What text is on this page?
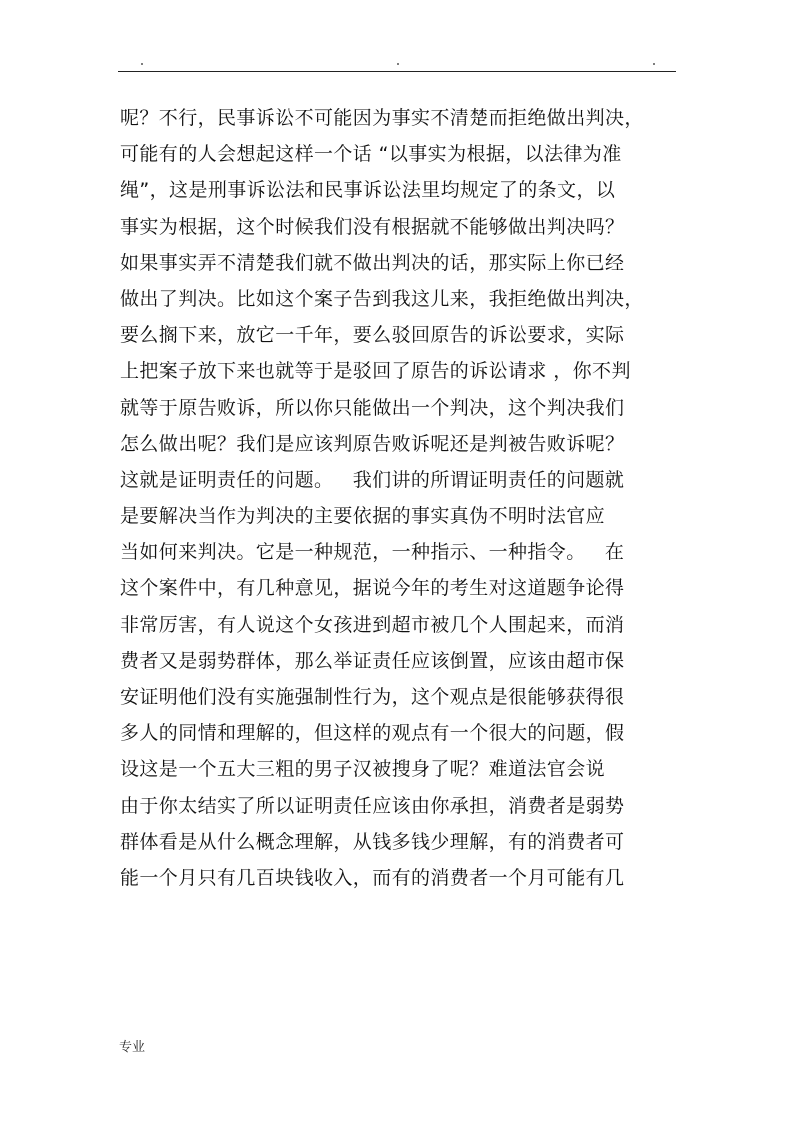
呢？不行，民事诉讼不可能因为事实不清楚而拒绝做出判决，
可能有的人会想起这样一个话 “以事实为根据，以法律为准
绳”，这是刑事诉讼法和民事诉讼法里均规定了的条文，以
事实为根据，这个时候我们没有根据就不能够做出判决吗？
如果事实弄不清楚我们就不做出判决的话，那实际上你已经
做出了判决。比如这个案子告到我这儿来，我拒绝做出判决，
要么搁下来，放它一千年，要么驳回原告的诉讼要求，实际
上把案子放下来也就等于是驳回了原告的诉讼请求 ，你不判
就等于原告败诉，所以你只能做出一个判决，这个判决我们
怎么做出呢？我们是应该判原告败诉呢还是判被告败诉呢？
这就是证明责任的问题。   我们讲的所谓证明责任的问题就
是要解决当作为判决的主要依据的事实真伪不明时法官应
当如何来判决。它是一种规范，一种指示、一种指令。   在
这个案件中，有几种意见，据说今年的考生对这道题争论得
非常厉害，有人说这个女孩进到超市被几个人围起来，而消
费者又是弱势群体，那么举证责任应该倒置，应该由超市保
安证明他们没有实施强制性行为，这个观点是很能够获得很
多人的同情和理解的，但这样的观点有一个很大的问题，假
设这是一个五大三粗的男子汉被搜身了呢？难道法官会说
由于你太结实了所以证明责任应该由你承担，消费者是弱势
群体看是从什么概念理解，从钱多钱少理解，有的消费者可
能一个月只有几百块钱收入，而有的消费者一个月可能有几
专业
